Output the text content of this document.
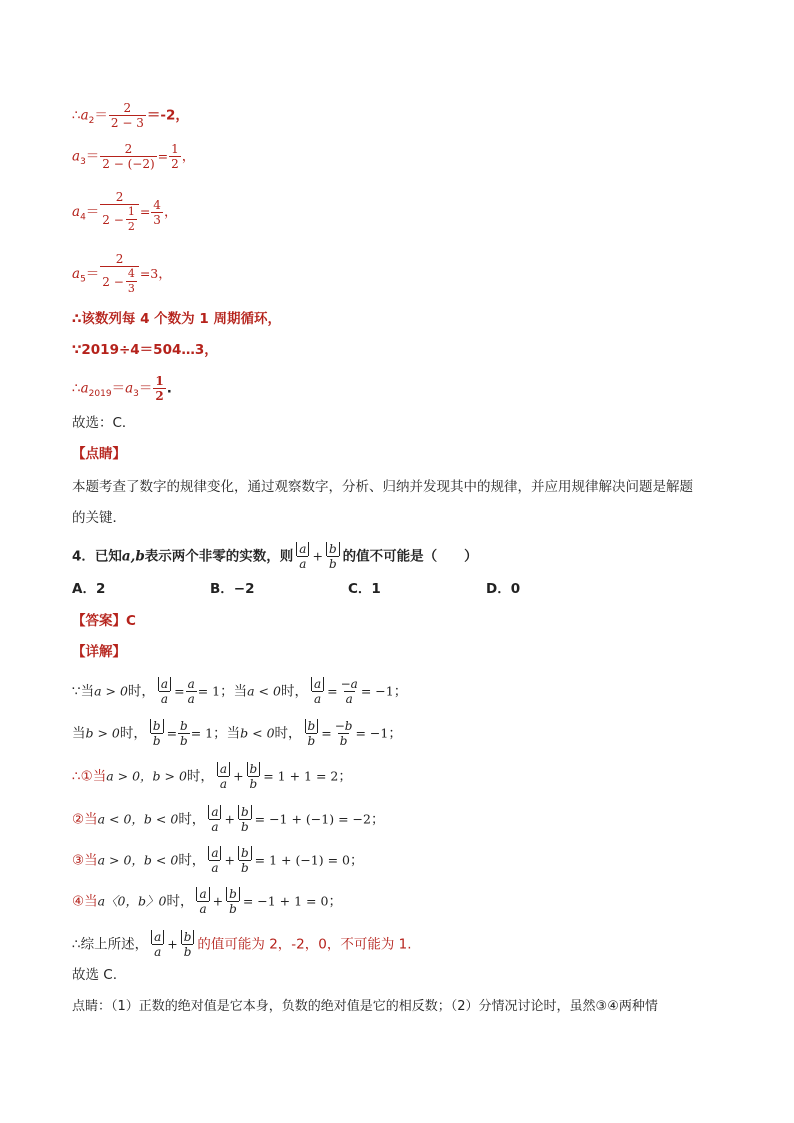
$\therefore a_2= \frac{2}{2 - 3} =-2$，
$a_3= \frac{2}{2 - (-2)} = \frac{1}{2}$ ，
$a_4= \frac{2}{2 - \frac{1}{2}} = \frac{4}{3}$ ，
$a_5= \frac{2}{2 - \frac{4}{3}} =3$，
∴该数列每 4 个数为 1 周期循环，
∵2019÷4＝504…3，
$\therefore a_{2019}=a_3= \frac{1}{2}$ .
故选：C．
【点睛】
本题考查了数字的规律变化，通过观察数字，分析、归纳并发现其中的规律，并应用规律解决问题是解题
的关键．
4．已知a,b表示两个非零的实数，则 $\frac{a}{a} + \frac{b}{b}$ 的值不可能是（　　）
A．2	B．−2	C．1	D．0
【答案】C
【详解】
∵当a > 0时， $\frac{a}{a} = \frac{a}{a} = 1$；当a < 0时， $\frac{a}{a} = \frac{-a}{a} = -1$；
当b > 0时， $\frac{b}{b} = \frac{b}{b} = 1$；当b < 0时， $\frac{b}{b} = \frac{-b}{b} = -1$；
∴①当a > 0，b > 0时， $\frac{a}{a} + \frac{b}{b} = 1 + 1 = 2$；
②当a < 0，b < 0时， $\frac{a}{a} + \frac{b}{b} = -1 + (-1) = -2$；
③当a > 0，b < 0时， $\frac{a}{a} + \frac{b}{b} = 1 + (-1) = 0$；
④当a〈0，b〉0时， $\frac{a}{a} + \frac{b}{b} = -1 + 1 = 0$；
∴综上所述， $\frac{a}{a} + \frac{b}{b}$ 的值可能为 2，-2，0，不可能为 1.
故选 C.
点睛：（1）正数的绝对值是它本身，负数的绝对值是它的相反数；（2）分情况讨论时，虽然③④两种情
